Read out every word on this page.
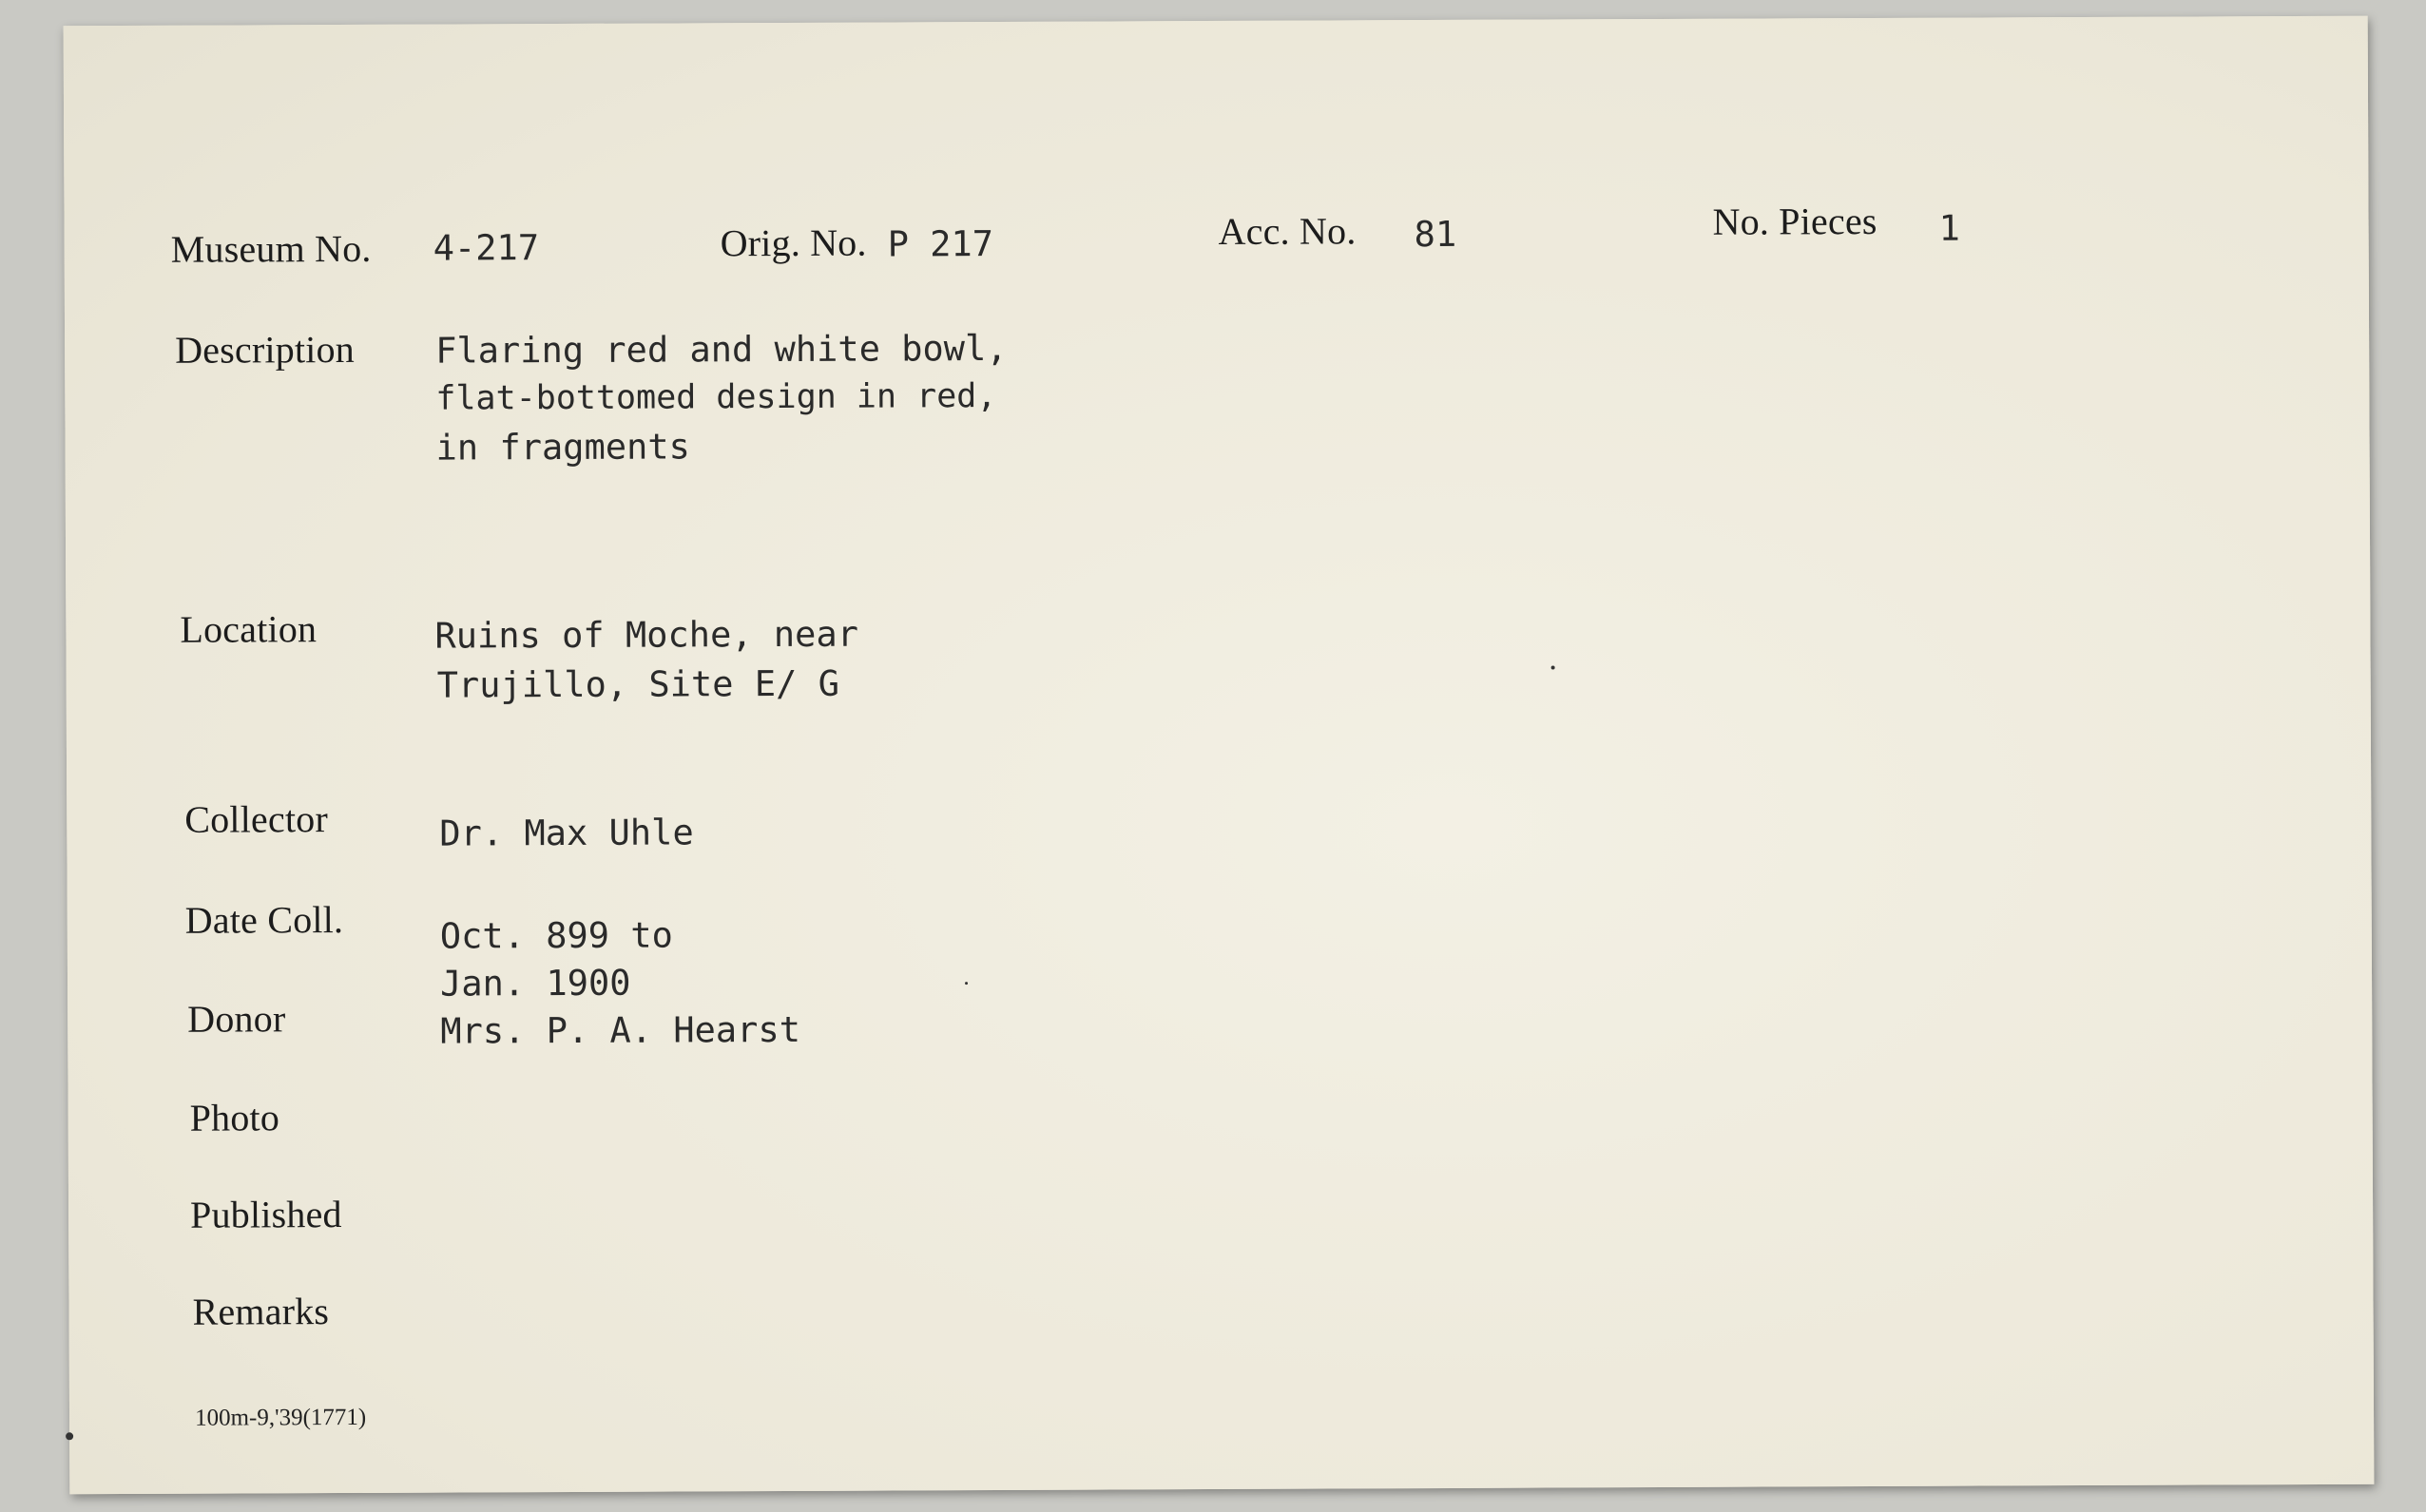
Museum No. 4-217	Orig. No. P 217	Acc. No. 81	No. Pieces 1
Description Flaring red and white bowl,
flat-bottomed design in red,
in fragments
Location	Ruins of Moche, near
Trujillo, Site E/ G
Collector	Dr. Max Uhle
Date Coll.	Oct. 899 to
Jan. 1900
Donor	Mrs. P. A. Hearst
Photo
Published
Remarks
100m-9,'39(1771)
